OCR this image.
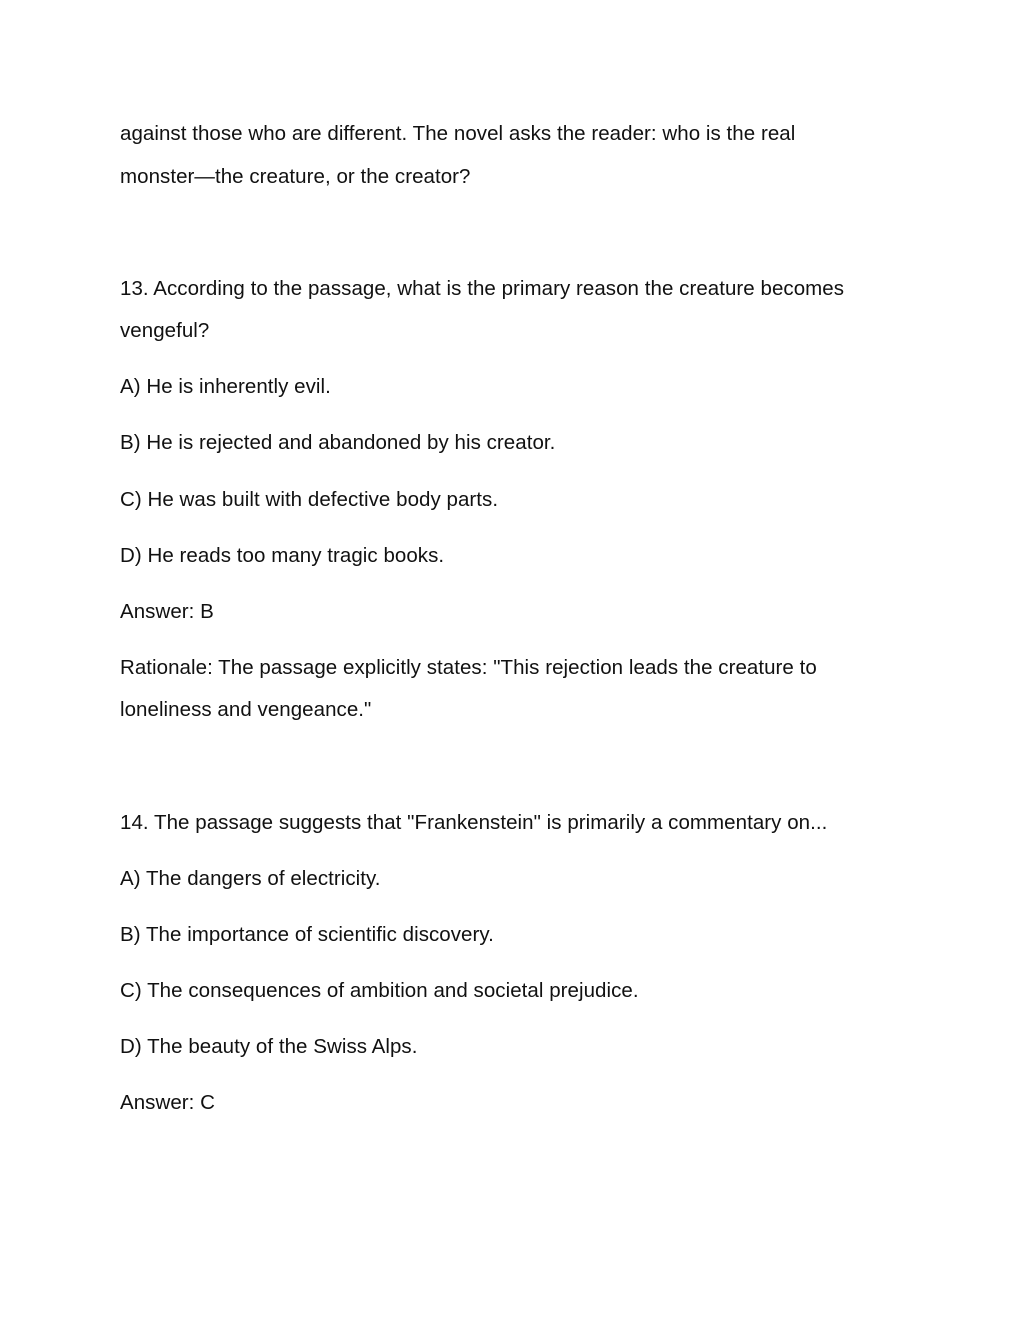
against those who are different. The novel asks the reader: who is the real
monster—the creature, or the creator?
13. According to the passage, what is the primary reason the creature becomes
vengeful?
A) He is inherently evil.
B) He is rejected and abandoned by his creator.
C) He was built with defective body parts.
D) He reads too many tragic books.
Answer: B
Rationale: The passage explicitly states: "This rejection leads the creature to
loneliness and vengeance."
14. The passage suggests that "Frankenstein" is primarily a commentary on...
A) The dangers of electricity.
B) The importance of scientific discovery.
C) The consequences of ambition and societal prejudice.
D) The beauty of the Swiss Alps.
Answer: C
